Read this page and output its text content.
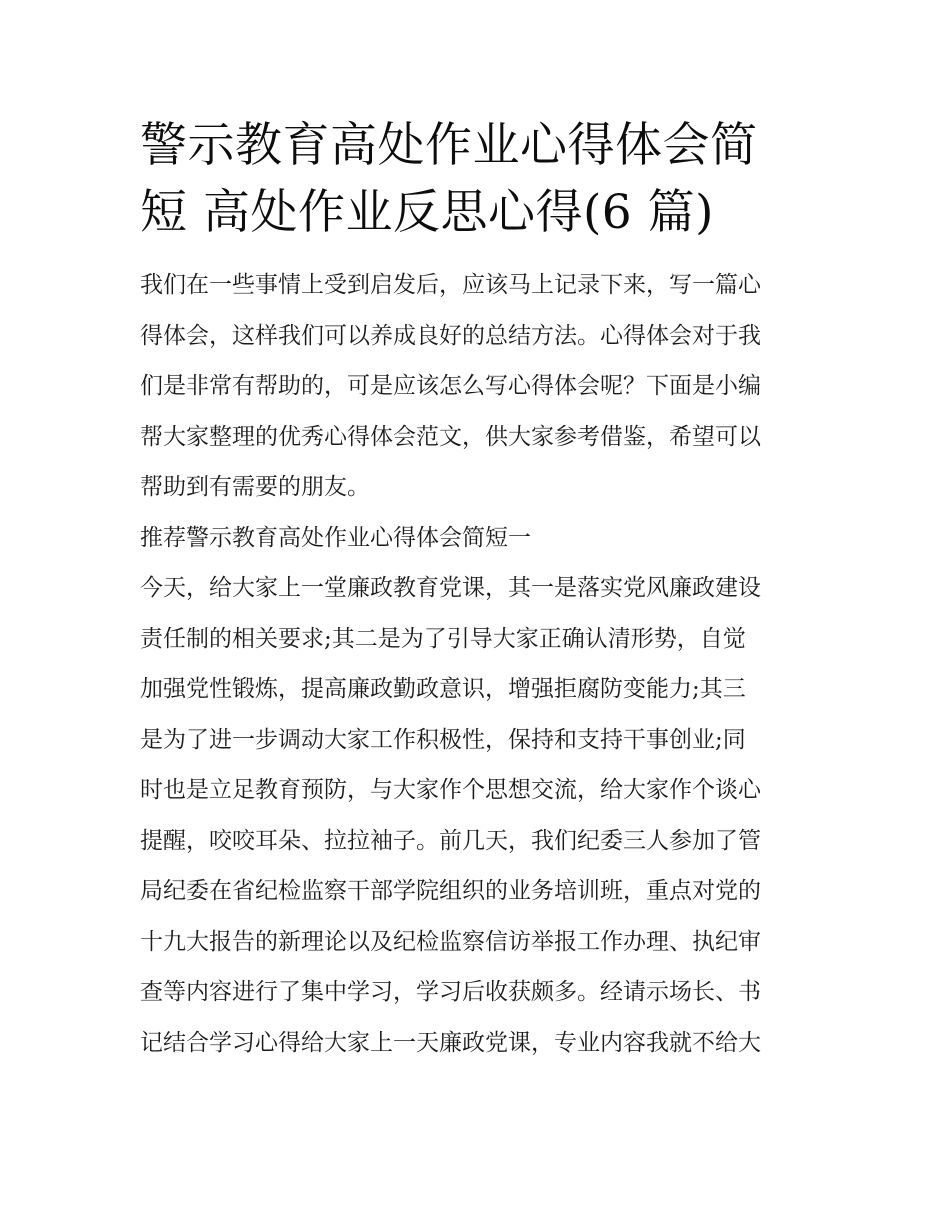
警示教育高处作业心得体会简
短 高处作业反思心得(6 篇)
我们在一些事情上受到启发后，应该马上记录下来，写一篇心
得体会，这样我们可以养成良好的总结方法。心得体会对于我
们是非常有帮助的，可是应该怎么写心得体会呢？下面是小编
帮大家整理的优秀心得体会范文，供大家参考借鉴，希望可以
帮助到有需要的朋友。
推荐警示教育高处作业心得体会简短一
今天，给大家上一堂廉政教育党课，其一是落实党风廉政建设
责任制的相关要求;其二是为了引导大家正确认清形势，自觉
加强党性锻炼，提高廉政勤政意识，增强拒腐防变能力;其三
是为了进一步调动大家工作积极性，保持和支持干事创业;同
时也是立足教育预防，与大家作个思想交流，给大家作个谈心
提醒，咬咬耳朵、拉拉袖子。前几天，我们纪委三人参加了管
局纪委在省纪检监察干部学院组织的业务培训班，重点对党的
十九大报告的新理论以及纪检监察信访举报工作办理、执纪审
查等内容进行了集中学习，学习后收获颇多。经请示场长、书
记结合学习心得给大家上一天廉政党课，专业内容我就不给大
